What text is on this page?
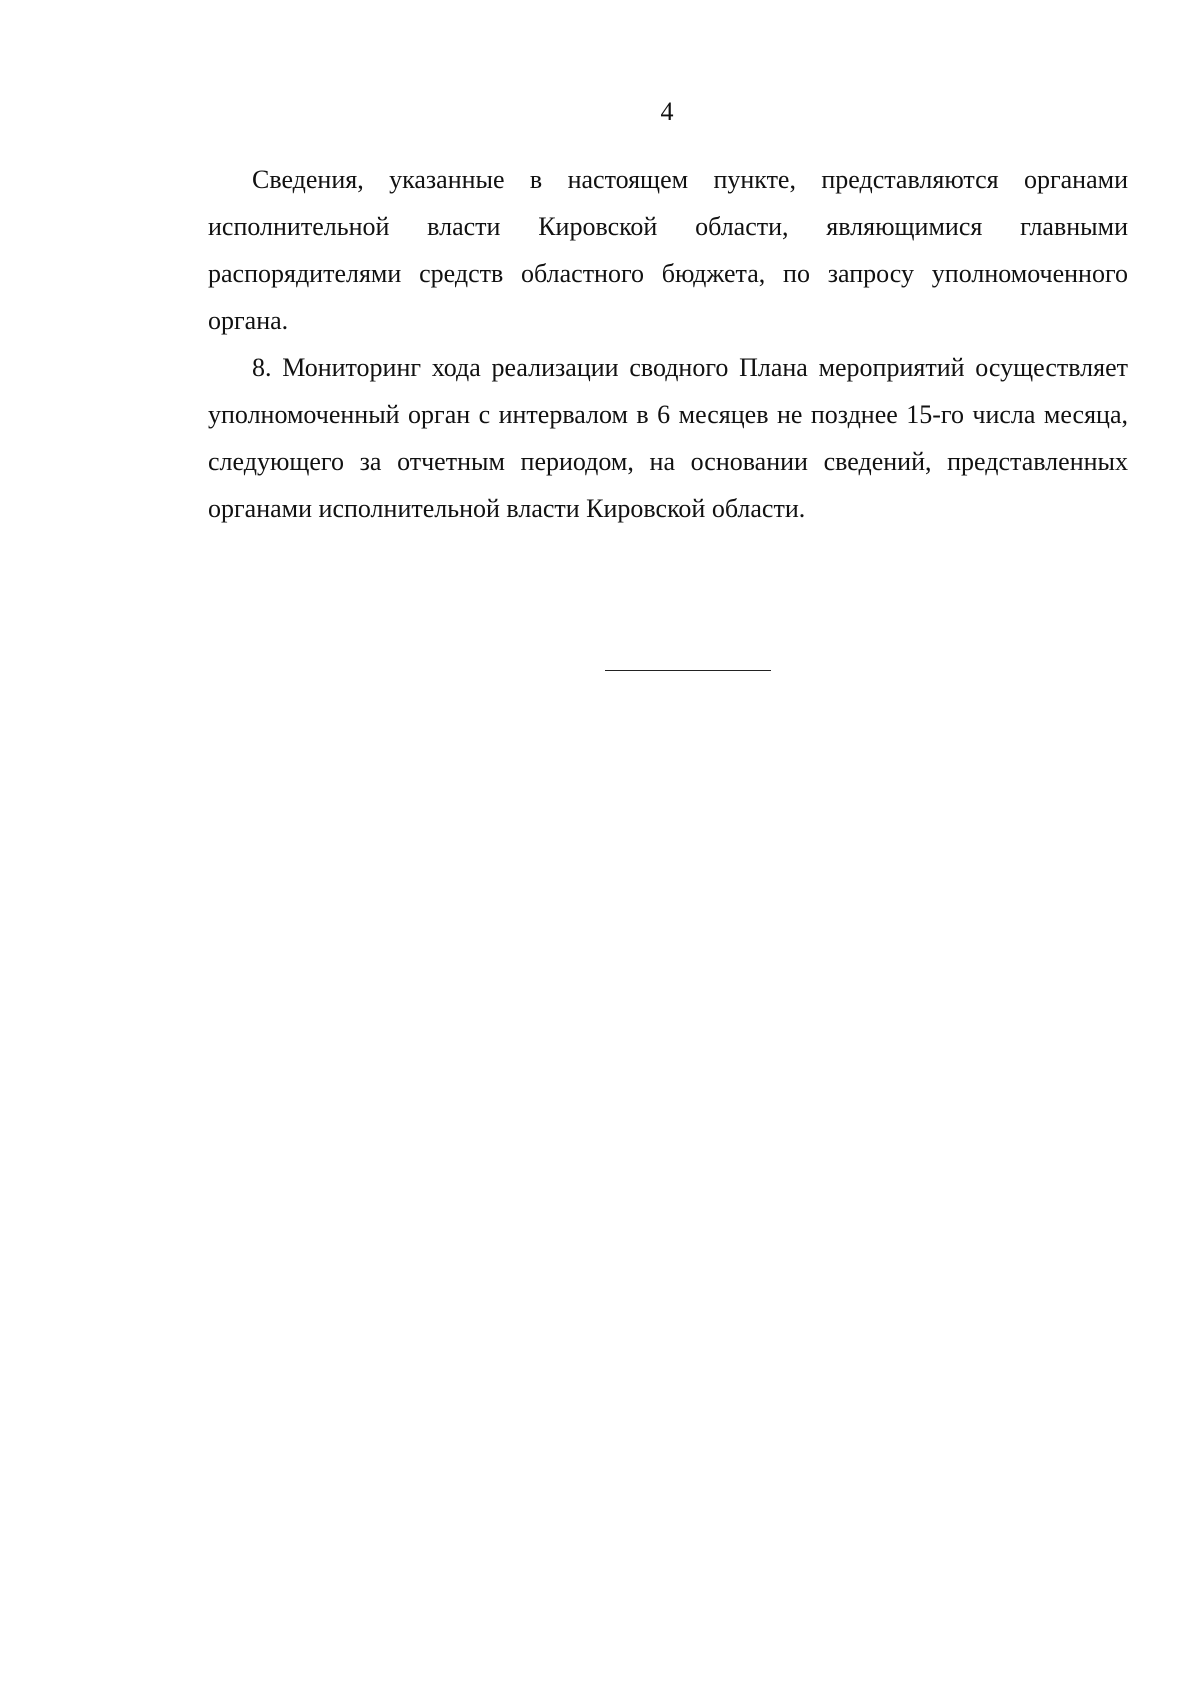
4

Сведения, указанные в настоящем пункте, представляются органами исполнительной власти Кировской области, являющимися главными распорядителями средств областного бюджета, по запросу уполномоченного органа.

8. Мониторинг хода реализации сводного Плана мероприятий осуществляет уполномоченный орган с интервалом в 6 месяцев не позднее 15-го числа месяца, следующего за отчетным периодом, на основании сведений, представленных органами исполнительной власти Кировской области.
